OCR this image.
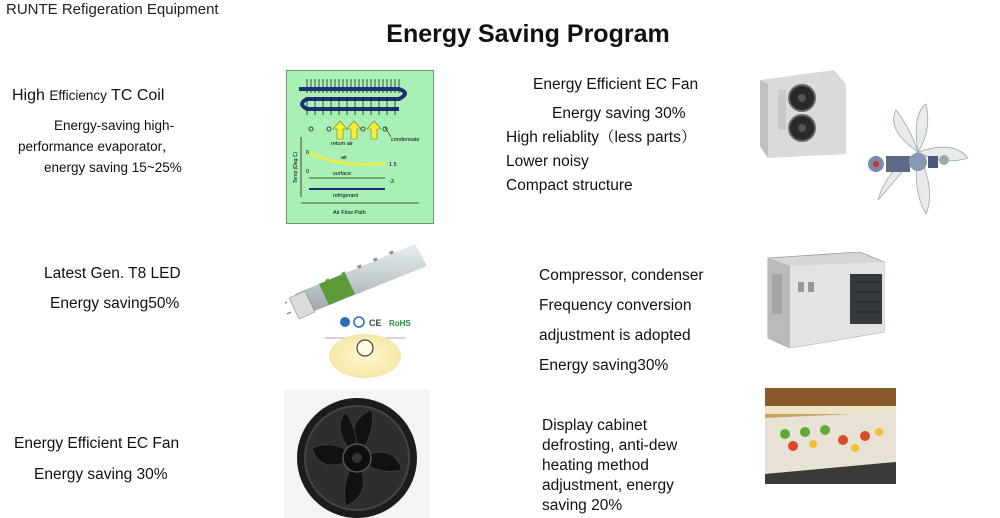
RUNTE Refigeration Equipment
Energy Saving Program
High Efficiency TC Coil
Energy-saving high-
performance evaporator，
energy saving 15~25%
Latest Gen. T8 LED
Energy saving50%
Energy Efficient EC Fan
Energy saving 30%
Energy Efficient EC Fan
Energy saving 30%
High reliablity（less parts）
Lower noisy
Compact structure
Compressor, condenser
Frequency conversion
adjustment is adopted
Energy saving30%
Display cabinet
defrosting, anti-dew
heating method
adjustment, energy
saving 20%
return air
condensate
Temp (Deg C) 6
0
air
1.5
surface
-3
refrigerant
Air Flow Path
CE RoHS
